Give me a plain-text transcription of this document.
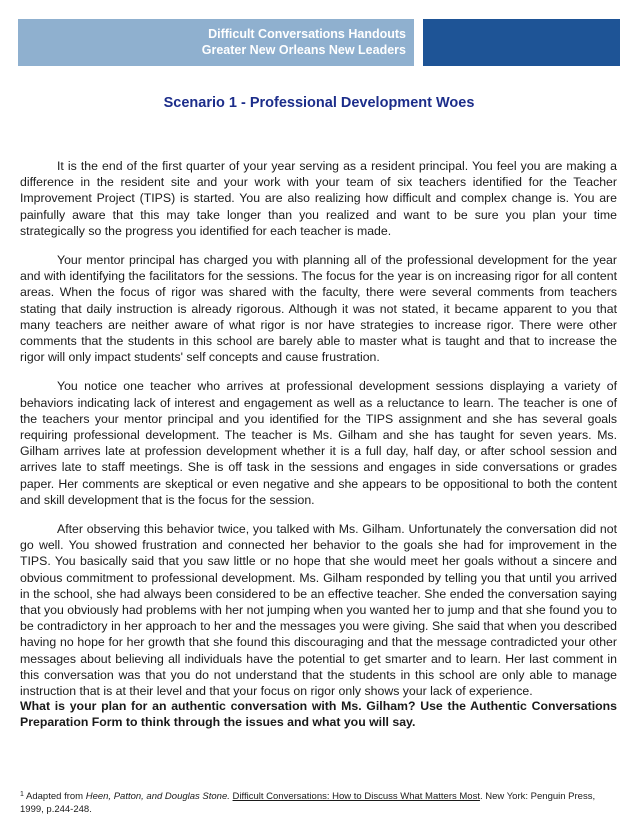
Difficult Conversations Handouts
Greater New Orleans New Leaders
Scenario 1 - Professional Development Woes

It is the end of the first quarter of your year serving as a resident principal. You feel you are making a difference in the resident site and your work with your team of six teachers identified for the Teacher Improvement Project (TIPS) is started. You are also realizing how difficult and complex change is. You are painfully aware that this may take longer than you realized and want to be sure you plan your time strategically so the progress you identified for each teacher is made.

Your mentor principal has charged you with planning all of the professional development for the year and with identifying the facilitators for the sessions. The focus for the year is on increasing rigor for all content areas. When the focus of rigor was shared with the faculty, there were several comments from teachers stating that daily instruction is already rigorous. Although it was not stated, it became apparent to you that many teachers are neither aware of what rigor is nor have strategies to increase rigor. There were other comments that the students in this school are barely able to master what is taught and that to increase the rigor will only impact students' self concepts and cause frustration.

You notice one teacher who arrives at professional development sessions displaying a variety of behaviors indicating lack of interest and engagement as well as a reluctance to learn. The teacher is one of the teachers your mentor principal and you identified for the TIPS assignment and she has several goals requiring professional development. The teacher is Ms. Gilham and she has taught for seven years. Ms. Gilham arrives late at profession development whether it is a full day, half day, or after school session and arrives late to staff meetings. She is off task in the sessions and engages in side conversations or grades paper. Her comments are skeptical or even negative and she appears to be oppositional to both the content and skill development that is the focus for the session.

After observing this behavior twice, you talked with Ms. Gilham. Unfortunately the conversation did not go well. You showed frustration and connected her behavior to the goals she had for improvement in the TIPS. You basically said that you saw little or no hope that she would meet her goals without a sincere and obvious commitment to professional development. Ms. Gilham responded by telling you that until you arrived in the school, she had always been considered to be an effective teacher. She ended the conversation saying that you obviously had problems with her not jumping when you wanted her to jump and that she found you to be contradictory in her approach to her and the messages you were giving. She said that when you described having no hope for her growth that she found this discouraging and that the message contradicted your other messages about believing all individuals have the potential to get smarter and to learn. Her last comment in this conversation was that you do not understand that the students in this school are only able to manage instruction that is at their level and that your focus on rigor only shows your lack of experience.

What is your plan for an authentic conversation with Ms. Gilham? Use the Authentic Conversations Preparation Form to think through the issues and what you will say.
$^1$ Adapted from Heen, Patton, and Douglas Stone. Difficult Conversations: How to Discuss What Matters Most. New York: Penguin Press, 1999, p.244-248.
